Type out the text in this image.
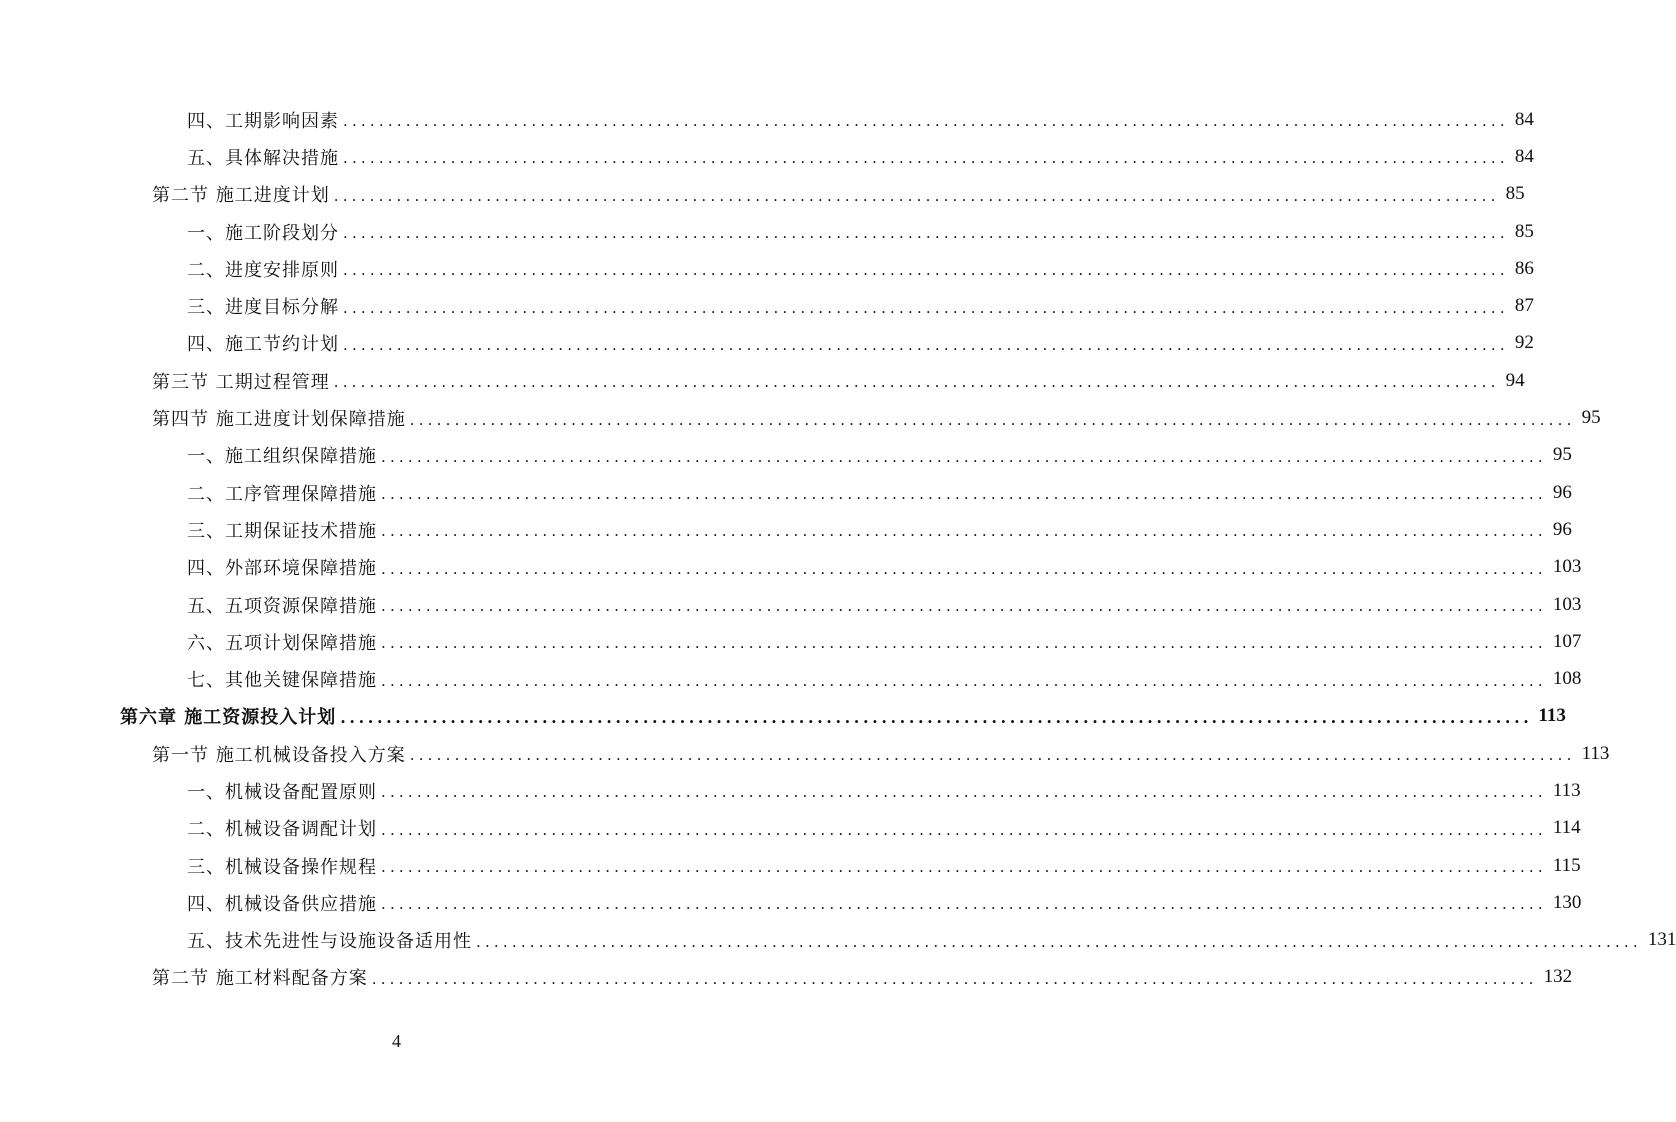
四、工期影响因素 .................................................................................................................................. 84
五、具体解决措施 .................................................................................................................................. 84
第二节 施工进度计划 .................................................................................................................................. 85
一、施工阶段划分 .................................................................................................................................. 85
二、进度安排原则 .................................................................................................................................. 86
三、进度目标分解 .................................................................................................................................. 87
四、施工节约计划 .................................................................................................................................. 92
第三节 工期过程管理 .................................................................................................................................. 94
第四节 施工进度计划保障措施 .................................................................................................................................. 95
一、施工组织保障措施 .................................................................................................................................. 95
二、工序管理保障措施 .................................................................................................................................. 96
三、工期保证技术措施 .................................................................................................................................. 96
四、外部环境保障措施 .................................................................................................................................. 103
五、五项资源保障措施 .................................................................................................................................. 103
六、五项计划保障措施 .................................................................................................................................. 107
七、其他关键保障措施 .................................................................................................................................. 108
第六章 施工资源投入计划 .................................................................................................................................. 113
第一节 施工机械设备投入方案 .................................................................................................................................. 113
一、机械设备配置原则 .................................................................................................................................. 113
二、机械设备调配计划 .................................................................................................................................. 114
三、机械设备操作规程 .................................................................................................................................. 115
四、机械设备供应措施 .................................................................................................................................. 130
五、技术先进性与设施设备适用性 .................................................................................................................................. 131
第二节 施工材料配备方案 .................................................................................................................................. 132
4
